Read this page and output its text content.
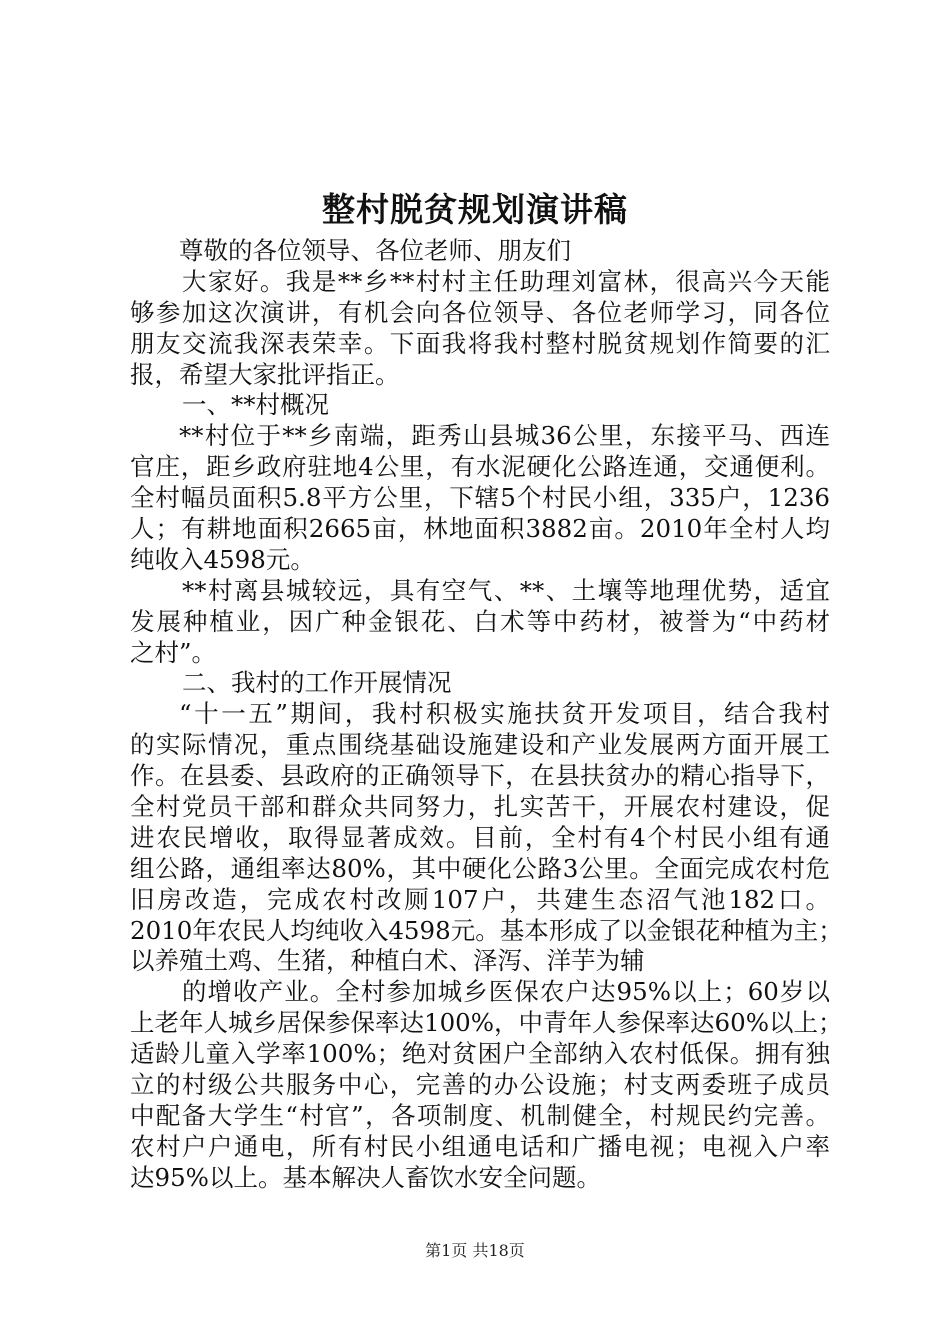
整村脱贫规划演讲稿
尊敬的各位领导、各位老师、朋友们
大家好。我是**乡**村村主任助理刘富林，很高兴今天能
够参加这次演讲，有机会向各位领导、各位老师学习，同各位
朋友交流我深表荣幸。下面我将我村整村脱贫规划作简要的汇
报，希望大家批评指正。
一、**村概况
**村位于**乡南端，距秀山县城36公里，东接平马、西连
官庄，距乡政府驻地4公里，有水泥硬化公路连通，交通便利。
全村幅员面积5.8平方公里，下辖5个村民小组，335户，1236
人；有耕地面积2665亩，林地面积3882亩。2010年全村人均
纯收入4598元。
**村离县城较远，具有空气、**、土壤等地理优势，适宜
发展种植业，因广种金银花、白术等中药材，被誉为“中药材
之村”。
二、我村的工作开展情况
“十一五”期间，我村积极实施扶贫开发项目，结合我村
的实际情况，重点围绕基础设施建设和产业发展两方面开展工
作。在县委、县政府的正确领导下，在县扶贫办的精心指导下，
全村党员干部和群众共同努力，扎实苦干，开展农村建设，促
进农民增收，取得显著成效。目前，全村有4个村民小组有通
组公路，通组率达80%，其中硬化公路3公里。全面完成农村危
旧房改造，完成农村改厕107户，共建生态沼气池182口。
2010年农民人均纯收入4598元。基本形成了以金银花种植为主；
以养殖土鸡、生猪，种植白术、泽泻、洋芋为辅
的增收产业。全村参加城乡医保农户达95%以上；60岁以
上老年人城乡居保参保率达100%，中青年人参保率达60%以上；
适龄儿童入学率100%；绝对贫困户全部纳入农村低保。拥有独
立的村级公共服务中心，完善的办公设施；村支两委班子成员
中配备大学生“村官”，各项制度、机制健全，村规民约完善。
农村户户通电，所有村民小组通电话和广播电视；电视入户率
达95%以上。基本解决人畜饮水安全问题。
第1页 共18页
